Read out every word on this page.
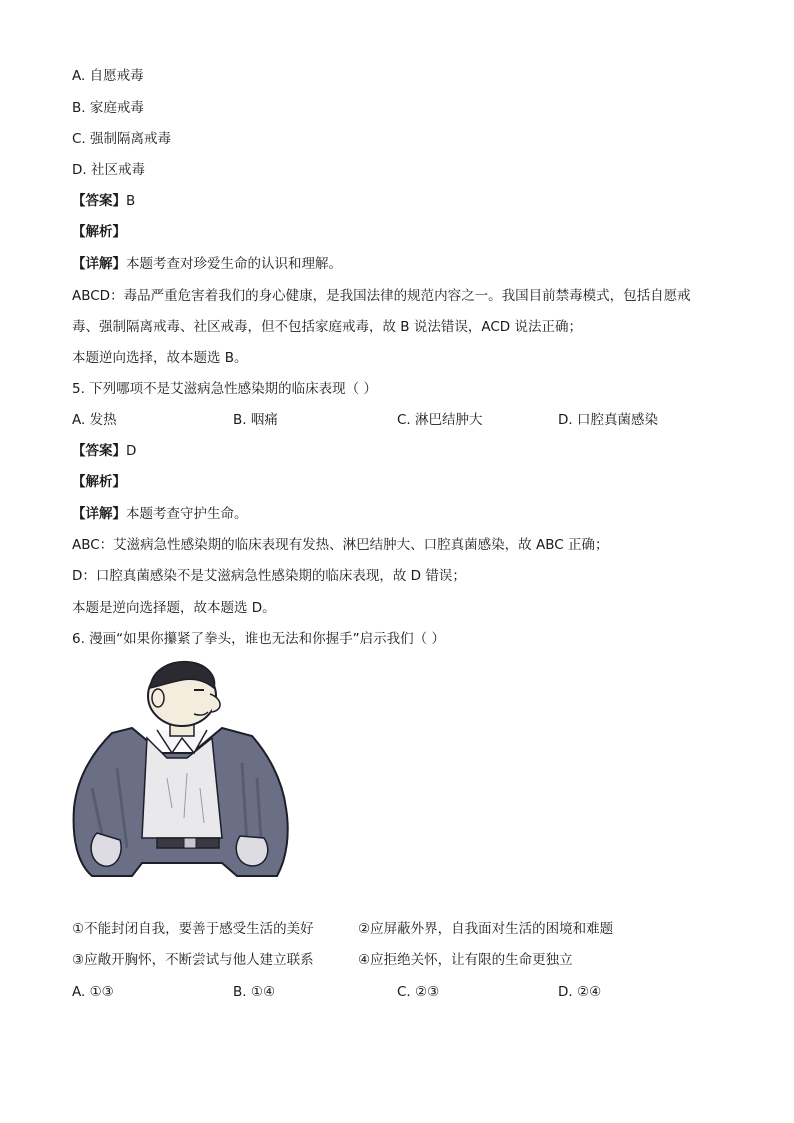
A. 自愿戒毒
B. 家庭戒毒
C. 强制隔离戒毒
D. 社区戒毒
【答案】B
【解析】
【详解】本题考查对珍爱生命的认识和理解。
ABCD：毒品严重危害着我们的身心健康，是我国法律的规范内容之一。我国目前禁毒模式，包括自愿戒
毒、强制隔离戒毒、社区戒毒，但不包括家庭戒毒，故 B 说法错误，ACD 说法正确；
本题逆向选择，故本题选 B。
5. 下列哪项不是艾滋病急性感染期的临床表现（ ）
A. 发热	B. 咽痛	C. 淋巴结肿大	D. 口腔真菌感染
【答案】D
【解析】
【详解】本题考查守护生命。
ABC：艾滋病急性感染期的临床表现有发热、淋巴结肿大、口腔真菌感染，故 ABC 正确；
D：口腔真菌感染不是艾滋病急性感染期的临床表现，故 D 错误；
本题是逆向选择题，故本题选 D。
6. 漫画“如果你攥紧了拳头，谁也无法和你握手”启示我们（ ）
①不能封闭自我，要善于感受生活的美好	②应屏蔽外界，自我面对生活的困境和难题
③应敞开胸怀，不断尝试与他人建立联系	④应拒绝关怀，让有限的生命更独立
A. ①③	B. ①④	C. ②③	D. ②④
